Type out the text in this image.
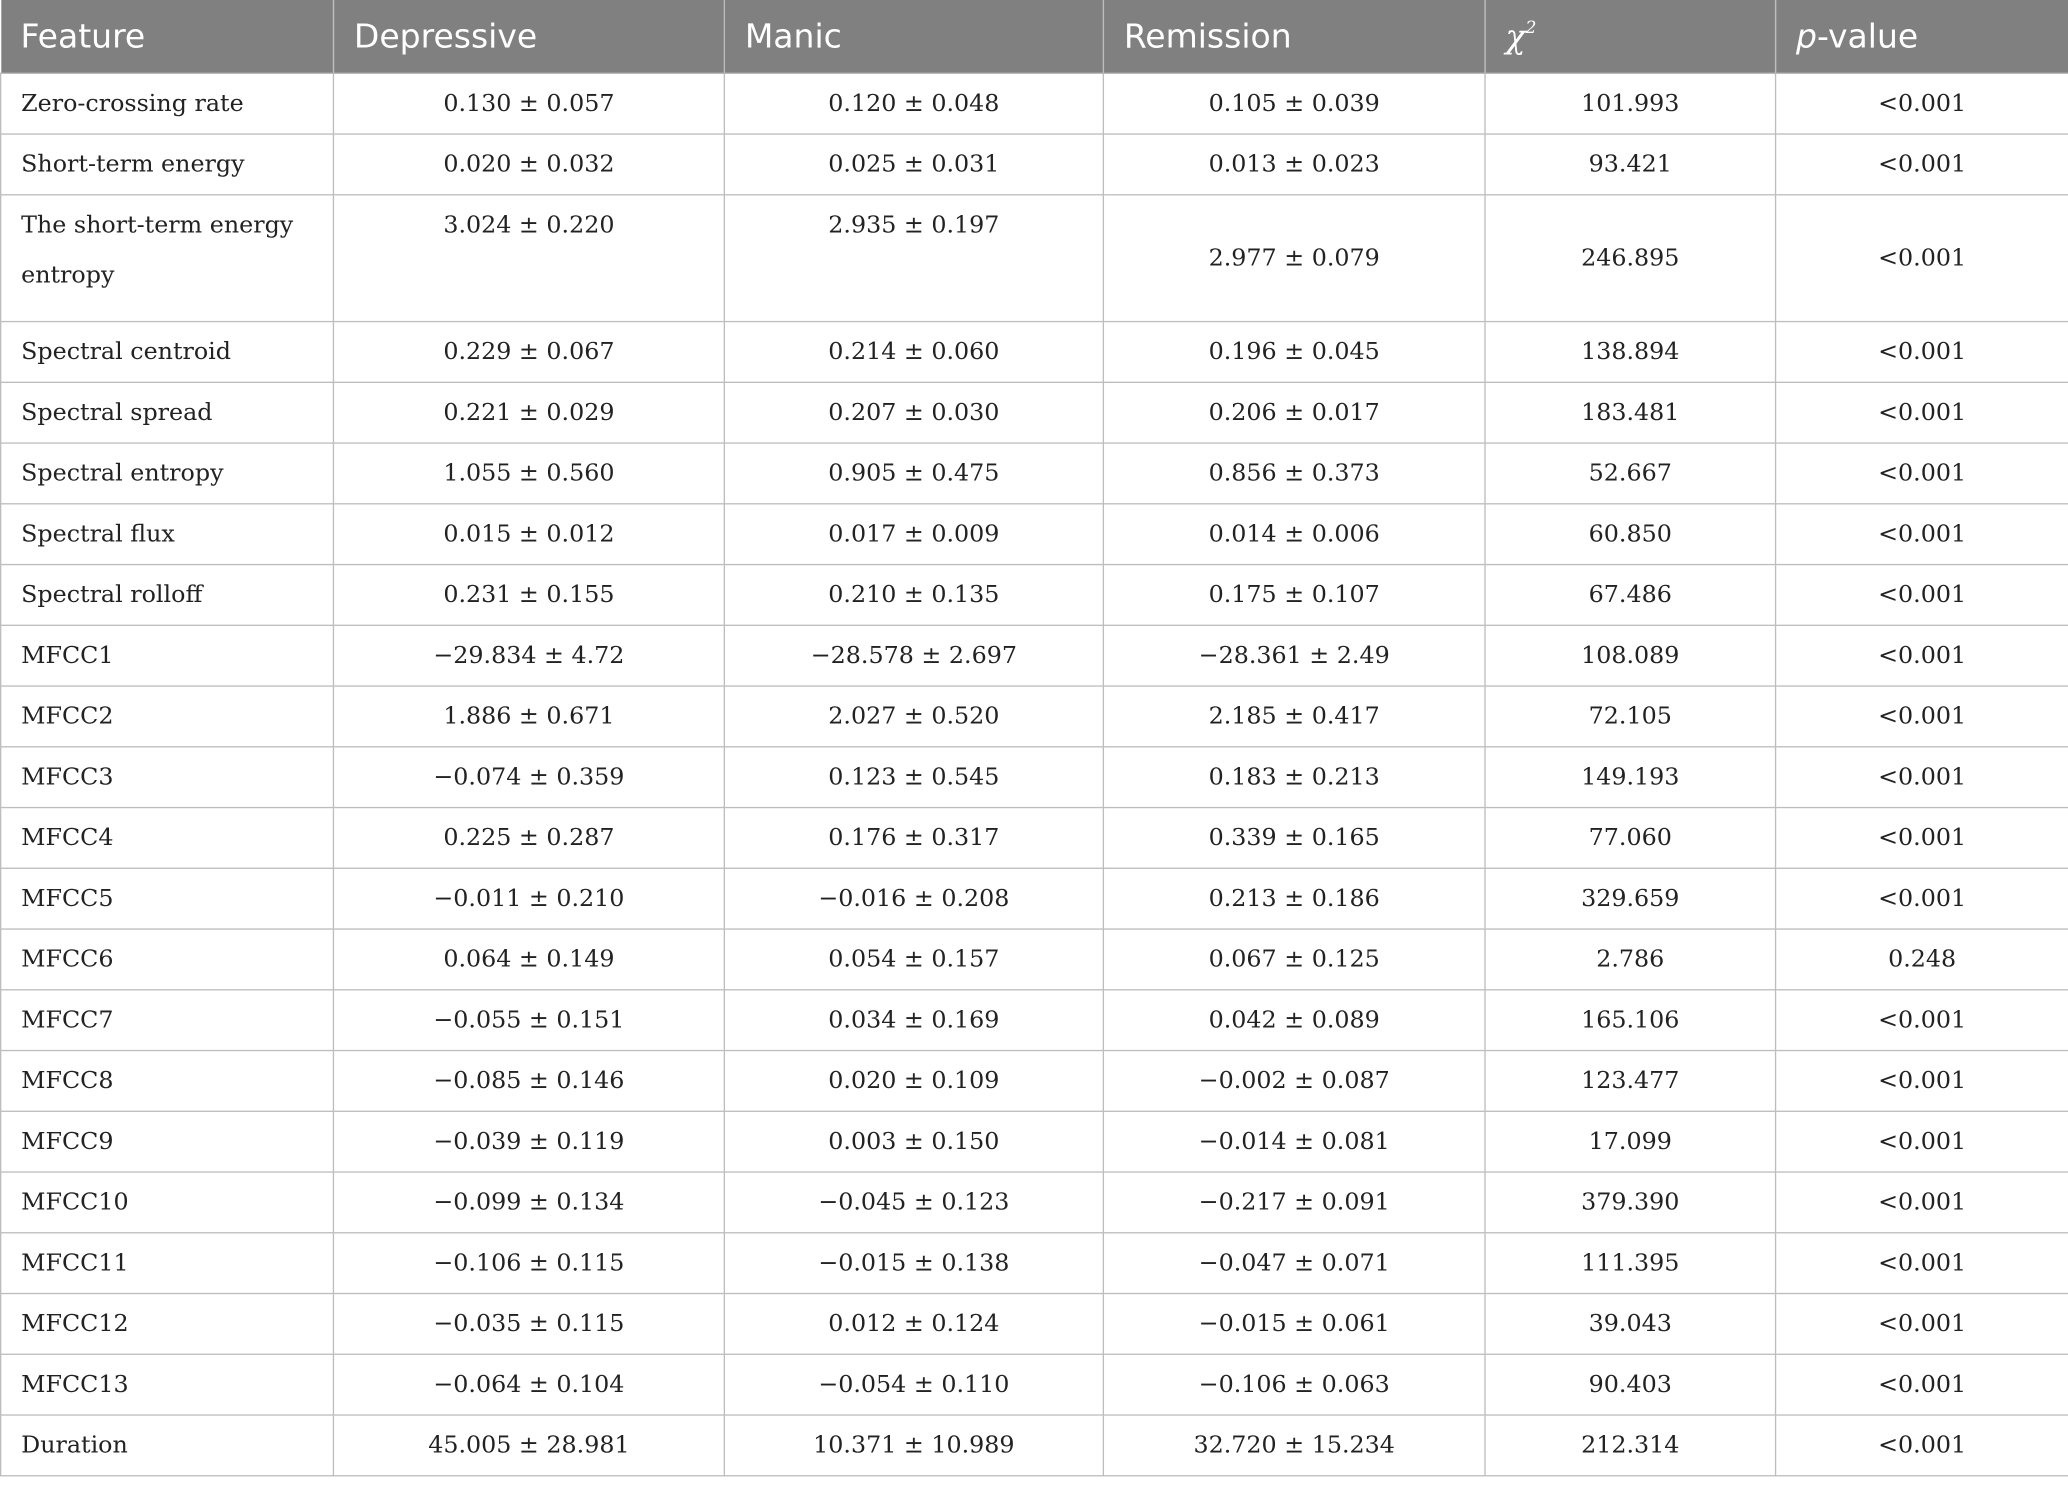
Feature	Depressive	Manic	Remission	$\chi^2$	p-value
Zero-crossing rate	0.130 ± 0.057	0.120 ± 0.048	0.105 ± 0.039	101.993	<0.001
Short-term energy	0.020 ± 0.032	0.025 ± 0.031	0.013 ± 0.023	93.421	<0.001
The short-term energy entropy	3.024 ± 0.220	2.935 ± 0.197	2.977 ± 0.079	246.895	<0.001
Spectral centroid	0.229 ± 0.067	0.214 ± 0.060	0.196 ± 0.045	138.894	<0.001
Spectral spread	0.221 ± 0.029	0.207 ± 0.030	0.206 ± 0.017	183.481	<0.001
Spectral entropy	1.055 ± 0.560	0.905 ± 0.475	0.856 ± 0.373	52.667	<0.001
Spectral flux	0.015 ± 0.012	0.017 ± 0.009	0.014 ± 0.006	60.850	<0.001
Spectral rolloff	0.231 ± 0.155	0.210 ± 0.135	0.175 ± 0.107	67.486	<0.001
MFCC1	−29.834 ± 4.72	−28.578 ± 2.697	−28.361 ± 2.49	108.089	<0.001
MFCC2	1.886 ± 0.671	2.027 ± 0.520	2.185 ± 0.417	72.105	<0.001
MFCC3	−0.074 ± 0.359	0.123 ± 0.545	0.183 ± 0.213	149.193	<0.001
MFCC4	0.225 ± 0.287	0.176 ± 0.317	0.339 ± 0.165	77.060	<0.001
MFCC5	−0.011 ± 0.210	−0.016 ± 0.208	0.213 ± 0.186	329.659	<0.001
MFCC6	0.064 ± 0.149	0.054 ± 0.157	0.067 ± 0.125	2.786	0.248
MFCC7	−0.055 ± 0.151	0.034 ± 0.169	0.042 ± 0.089	165.106	<0.001
MFCC8	−0.085 ± 0.146	0.020 ± 0.109	−0.002 ± 0.087	123.477	<0.001
MFCC9	−0.039 ± 0.119	0.003 ± 0.150	−0.014 ± 0.081	17.099	<0.001
MFCC10	−0.099 ± 0.134	−0.045 ± 0.123	−0.217 ± 0.091	379.390	<0.001
MFCC11	−0.106 ± 0.115	−0.015 ± 0.138	−0.047 ± 0.071	111.395	<0.001
MFCC12	−0.035 ± 0.115	0.012 ± 0.124	−0.015 ± 0.061	39.043	<0.001
MFCC13	−0.064 ± 0.104	−0.054 ± 0.110	−0.106 ± 0.063	90.403	<0.001
Duration	45.005 ± 28.981	10.371 ± 10.989	32.720 ± 15.234	212.314	<0.001
